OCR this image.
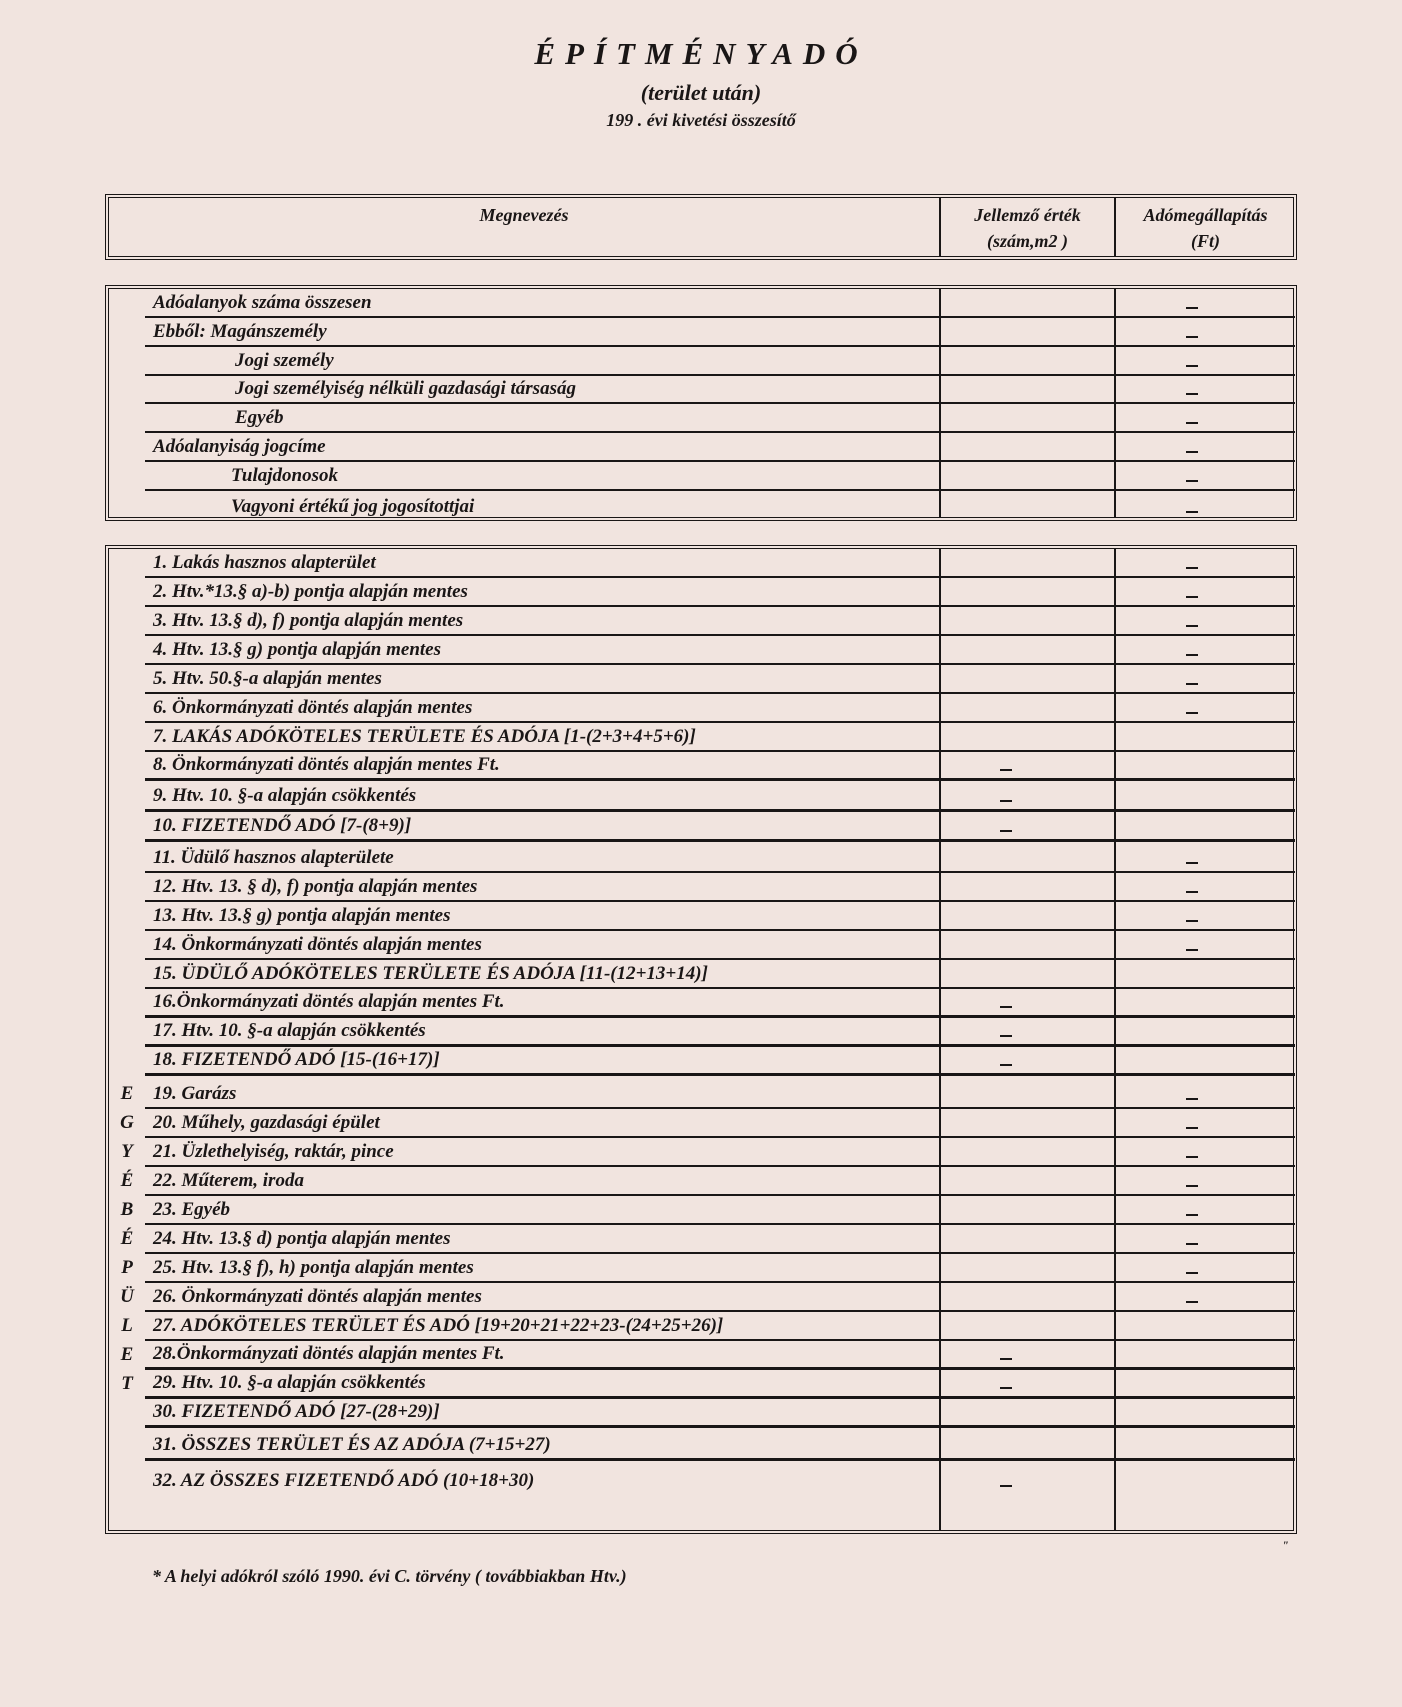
ÉPÍTMÉNYADÓ
(terület után)
199 . évi kivetési összesítő
Megnevezés	Jellemző érték
(szám,m2 )
Adómegállapítás
(Ft)
Adóalanyok száma összesen
Ebből: Magánszemély
Jogi személy
Jogi személyiség nélküli gazdasági társaság
Egyéb
Adóalanyiság jogcíme
Tulajdonosok
Vagyoni értékű jog jogosítottjai
1. Lakás hasznos alapterület
2. Htv.*13.§ a)-b) pontja alapján mentes
3. Htv. 13.§ d), f) pontja alapján mentes
4. Htv. 13.§ g) pontja alapján mentes
5. Htv. 50.§-a alapján mentes
6. Önkormányzati döntés alapján mentes
7. LAKÁS ADÓKÖTELES TERÜLETE ÉS ADÓJA [1-(2+3+4+5+6)]
8. Önkormányzati döntés alapján mentes Ft.
9. Htv. 10. §-a alapján csökkentés
10. FIZETENDŐ ADÓ [7-(8+9)]
11. Üdülő hasznos alapterülete
12. Htv. 13. § d), f) pontja alapján mentes
13. Htv. 13.§ g) pontja alapján mentes
14. Önkormányzati döntés alapján mentes
15. ÜDÜLŐ ADÓKÖTELES TERÜLETE ÉS ADÓJA [11-(12+13+14)]
16.Önkormányzati döntés alapján mentes Ft.
17. Htv. 10. §-a alapján csökkentés
18. FIZETENDŐ ADÓ [15-(16+17)]
19. Garázs
E
20. Műhely, gazdasági épület
G
21. Üzlethelyiség, raktár, pince
Y
22. Műterem, iroda
É
23. Egyéb
B
24. Htv. 13.§ d) pontja alapján mentes
É
25. Htv. 13.§ f), h) pontja alapján mentes
P
26. Önkormányzati döntés alapján mentes
Ü
27. ADÓKÖTELES TERÜLET ÉS ADÓ [19+20+21+22+23-(24+25+26)]
L
28.Önkormányzati döntés alapján mentes Ft.
E
29. Htv. 10. §-a alapján csökkentés
T
30. FIZETENDŐ ADÓ [27-(28+29)]
31. ÖSSZES TERÜLET ÉS AZ ADÓJA (7+15+27)
32. AZ ÖSSZES FIZETENDŐ ADÓ (10+18+30)
* A helyi adókról szóló 1990. évi C. törvény ( továbbiakban Htv.)
"
